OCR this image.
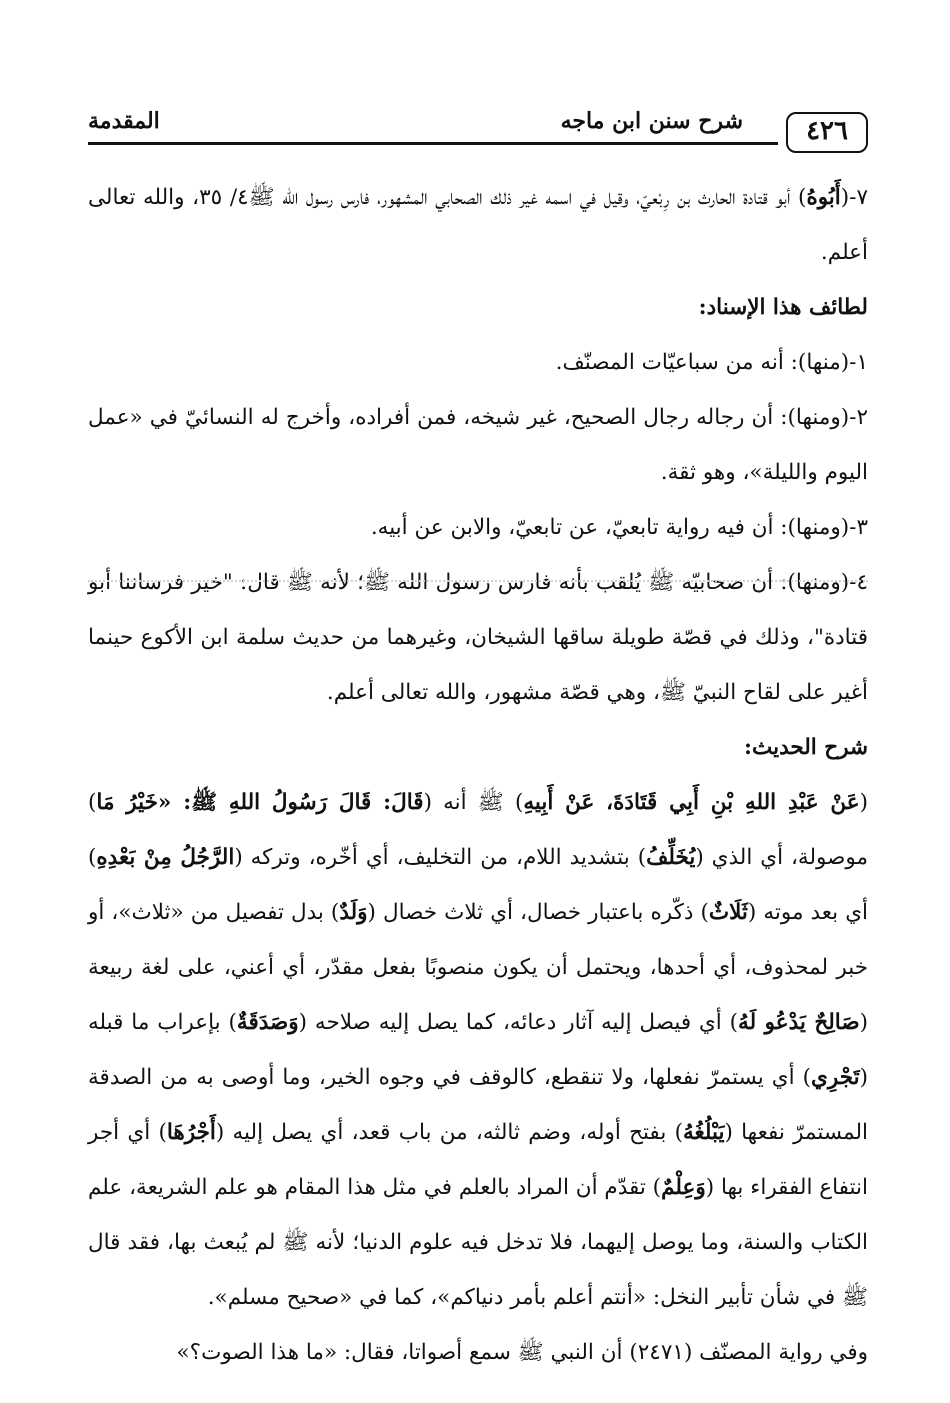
٤٢٦
شرح سنن ابن ماجه
المقدمة

٧-(أَبُوهُ) أبو قتادة الحارث بن رِبْعيّ، وقيل في اسمه غير ذلك الصحابي المشهور، فارس رسول الله ﷺ٤/ ٣٥، والله تعالى أعلم.

لطائف هذا الإسناد:

١-(منها): أنه من سباعيّات المصنّف.

٢-(ومنها): أن رجاله رجال الصحيح، غير شيخه، فمن أفراده، وأخرج له النسائيّ في «عمل اليوم والليلة»، وهو ثقة.

٣-(ومنها): أن فيه رواية تابعيّ، عن تابعيّ، والابن عن أبيه.

٤-(ومنها): أن صحابيّه ﷺ يُلقب بأنه فارس رسول الله ﷺ؛ لأنه ﷺ قال: "خير فرساننا أبو قتادة"، وذلك في قصّة طويلة ساقها الشيخان، وغيرهما من حديث سلمة ابن الأكوع حينما أغير على لقاح النبيّ ﷺ، وهي قصّة مشهور، والله تعالى أعلم.

شرح الحديث:

(عَنْ عَبْدِ اللهِ بْنِ أَبِي قَتَادَةَ، عَنْ أَبِيهِ) ﷺ أنه (قَالَ: قَالَ رَسُولُ اللهِ ﷺ: «خَيْرُ مَا) موصولة، أي الذي (يُخَلِّفُ) بتشديد اللام، من التخليف، أي أخّره، وتركه (الرَّجُلُ مِنْ بَعْدِهِ) أي بعد موته (ثَلَاثٌ) ذكّره باعتبار خصال، أي ثلاث خصال (وَلَدٌ) بدل تفصيل من «ثلاث»، أو خبر لمحذوف، أي أحدها، ويحتمل أن يكون منصوبًا بفعل مقدّر، أي أعني، على لغة ربيعة (صَالِحٌ يَدْعُو لَهُ) أي فيصل إليه آثار دعائه، كما يصل إليه صلاحه (وَصَدَقَةٌ) بإعراب ما قبله (تَجْرِي) أي يستمرّ نفعلها، ولا تنقطع، كالوقف في وجوه الخير، وما أوصى به من الصدقة المستمرّ نفعها (يَبْلُغُهُ) بفتح أوله، وضم ثالثه، من باب قعد، أي يصل إليه (أَجْرُهَا) أي أجر انتفاع الفقراء بها (وَعِلْمٌ) تقدّم أن المراد بالعلم في مثل هذا المقام هو علم الشريعة، علم الكتاب والسنة، وما يوصل إليهما، فلا تدخل فيه علوم الدنيا؛ لأنه ﷺ لم يُبعث بها، فقد قال ﷺ في شأن تأبير النخل: «أنتم أعلم بأمر دنياكم»، كما في «صحيح مسلم».

وفي رواية المصنّف (٢٤٧١) أن النبي ﷺ سمع أصواتا، فقال: «ما هذا الصوت؟»
